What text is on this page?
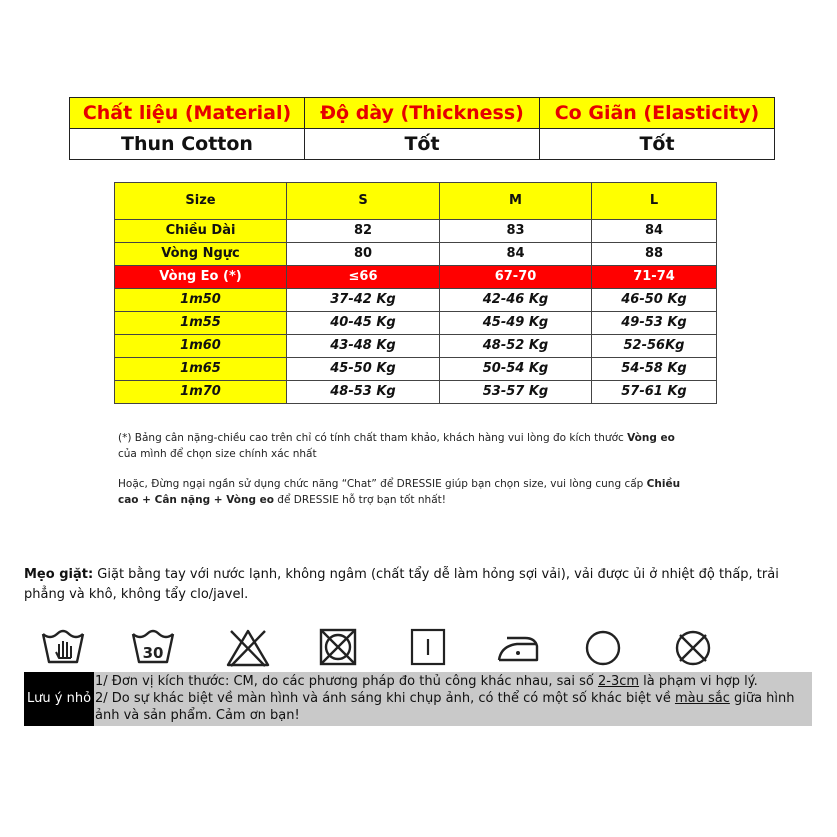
Chất liệu (Material)	Độ dày (Thickness)	Co Giãn (Elasticity)
Thun Cotton	Tốt	Tốt
Size	S	M	L
Chiều Dài	82	83	84
Vòng Ngực	80	84	88
Vòng Eo (*)	≤66	67-70	71-74
1m50	37-42 Kg	42-46 Kg	46-50 Kg
1m55	40-45 Kg	45-49 Kg	49-53 Kg
1m60	43-48 Kg	48-52 Kg	52-56Kg
1m65	45-50 Kg	50-54 Kg	54-58 Kg
1m70	48-53 Kg	53-57 Kg	57-61 Kg
(*) Bảng cân nặng-chiều cao trên chỉ có tính chất tham khảo, khách hàng vui lòng đo kích thước Vòng eo
của mình để chọn size chính xác nhất
Hoặc, Đừng ngại ngần sử dụng chức năng “Chat” để DRESSIE giúp bạn chọn size, vui lòng cung cấp Chiều
cao + Cân nặng + Vòng eo để DRESSIE hỗ trợ bạn tốt nhất!
Mẹo giặt: Giặt bằng tay với nước lạnh, không ngâm (chất tẩy dễ làm hỏng sợi vải), vải được ủi ở nhiệt độ thấp, trải phẳng và khô, không tẩy clo/javel.
30
Lưu ý nhỏ
1/ Đơn vị kích thước: CM, do các phương pháp đo thủ công khác nhau, sai số 2-3cm là phạm vi hợp lý.
2/ Do sự khác biệt về màn hình và ánh sáng khi chụp ảnh, có thể có một số khác biệt về màu sắc giữa hình ảnh và sản phẩm. Cảm ơn bạn!
